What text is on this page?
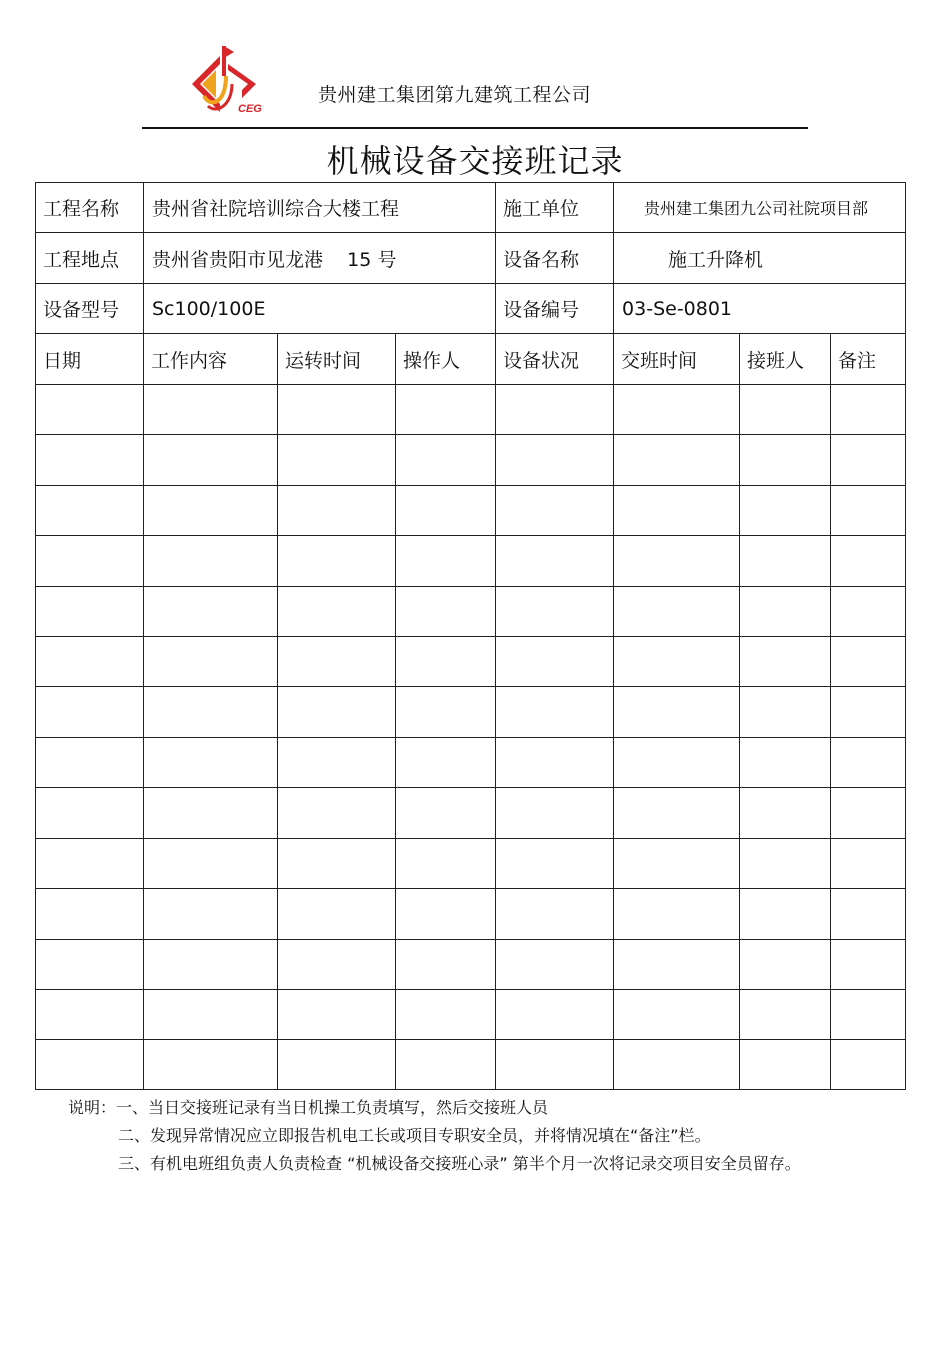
CEG
贵州建工集团第九建筑工程公司
机械设备交接班记录
工程名称	贵州省社院培训综合大楼工程			施工单位	贵州建工集团九公司社院项目部		
工程地点	贵州省贵阳市见龙港    15 号			设备名称	施工升降机		
设备型号	Sc100/100E			设备编号	03-Se-0801		
日期	工作内容	运转时间	操作人	设备状况	交班时间	接班人	备注

说明：一、当日交接班记录有当日机操工负责填写，然后交接班人员
二、发现异常情况应立即报告机电工长或项目专职安全员，并将情况填在“备注”栏。
三、有机电班组负责人负责检查 “机械设备交接班心录” 第半个月一次将记录交项目安全员留存。
